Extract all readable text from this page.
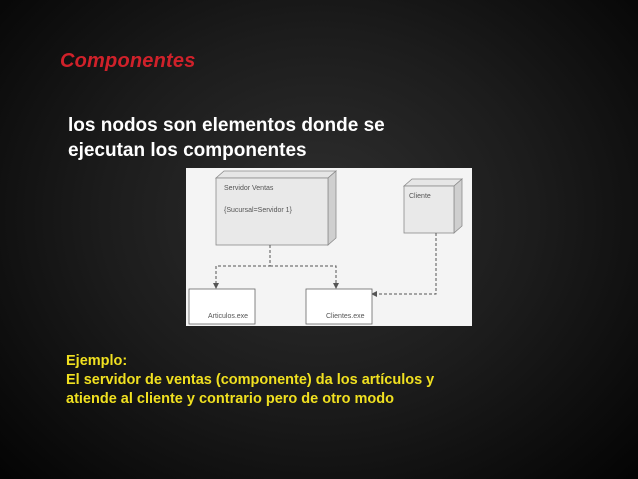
Componentes
los nodos son elementos donde se
ejecutan los componentes
Servidor Ventas
{Sucursal=Servidor 1}
Cliente
Articulos.exe	Clientes.exe
Ejemplo:
El servidor de ventas (componente) da los artículos y
atiende al cliente y contrario pero de otro modo
